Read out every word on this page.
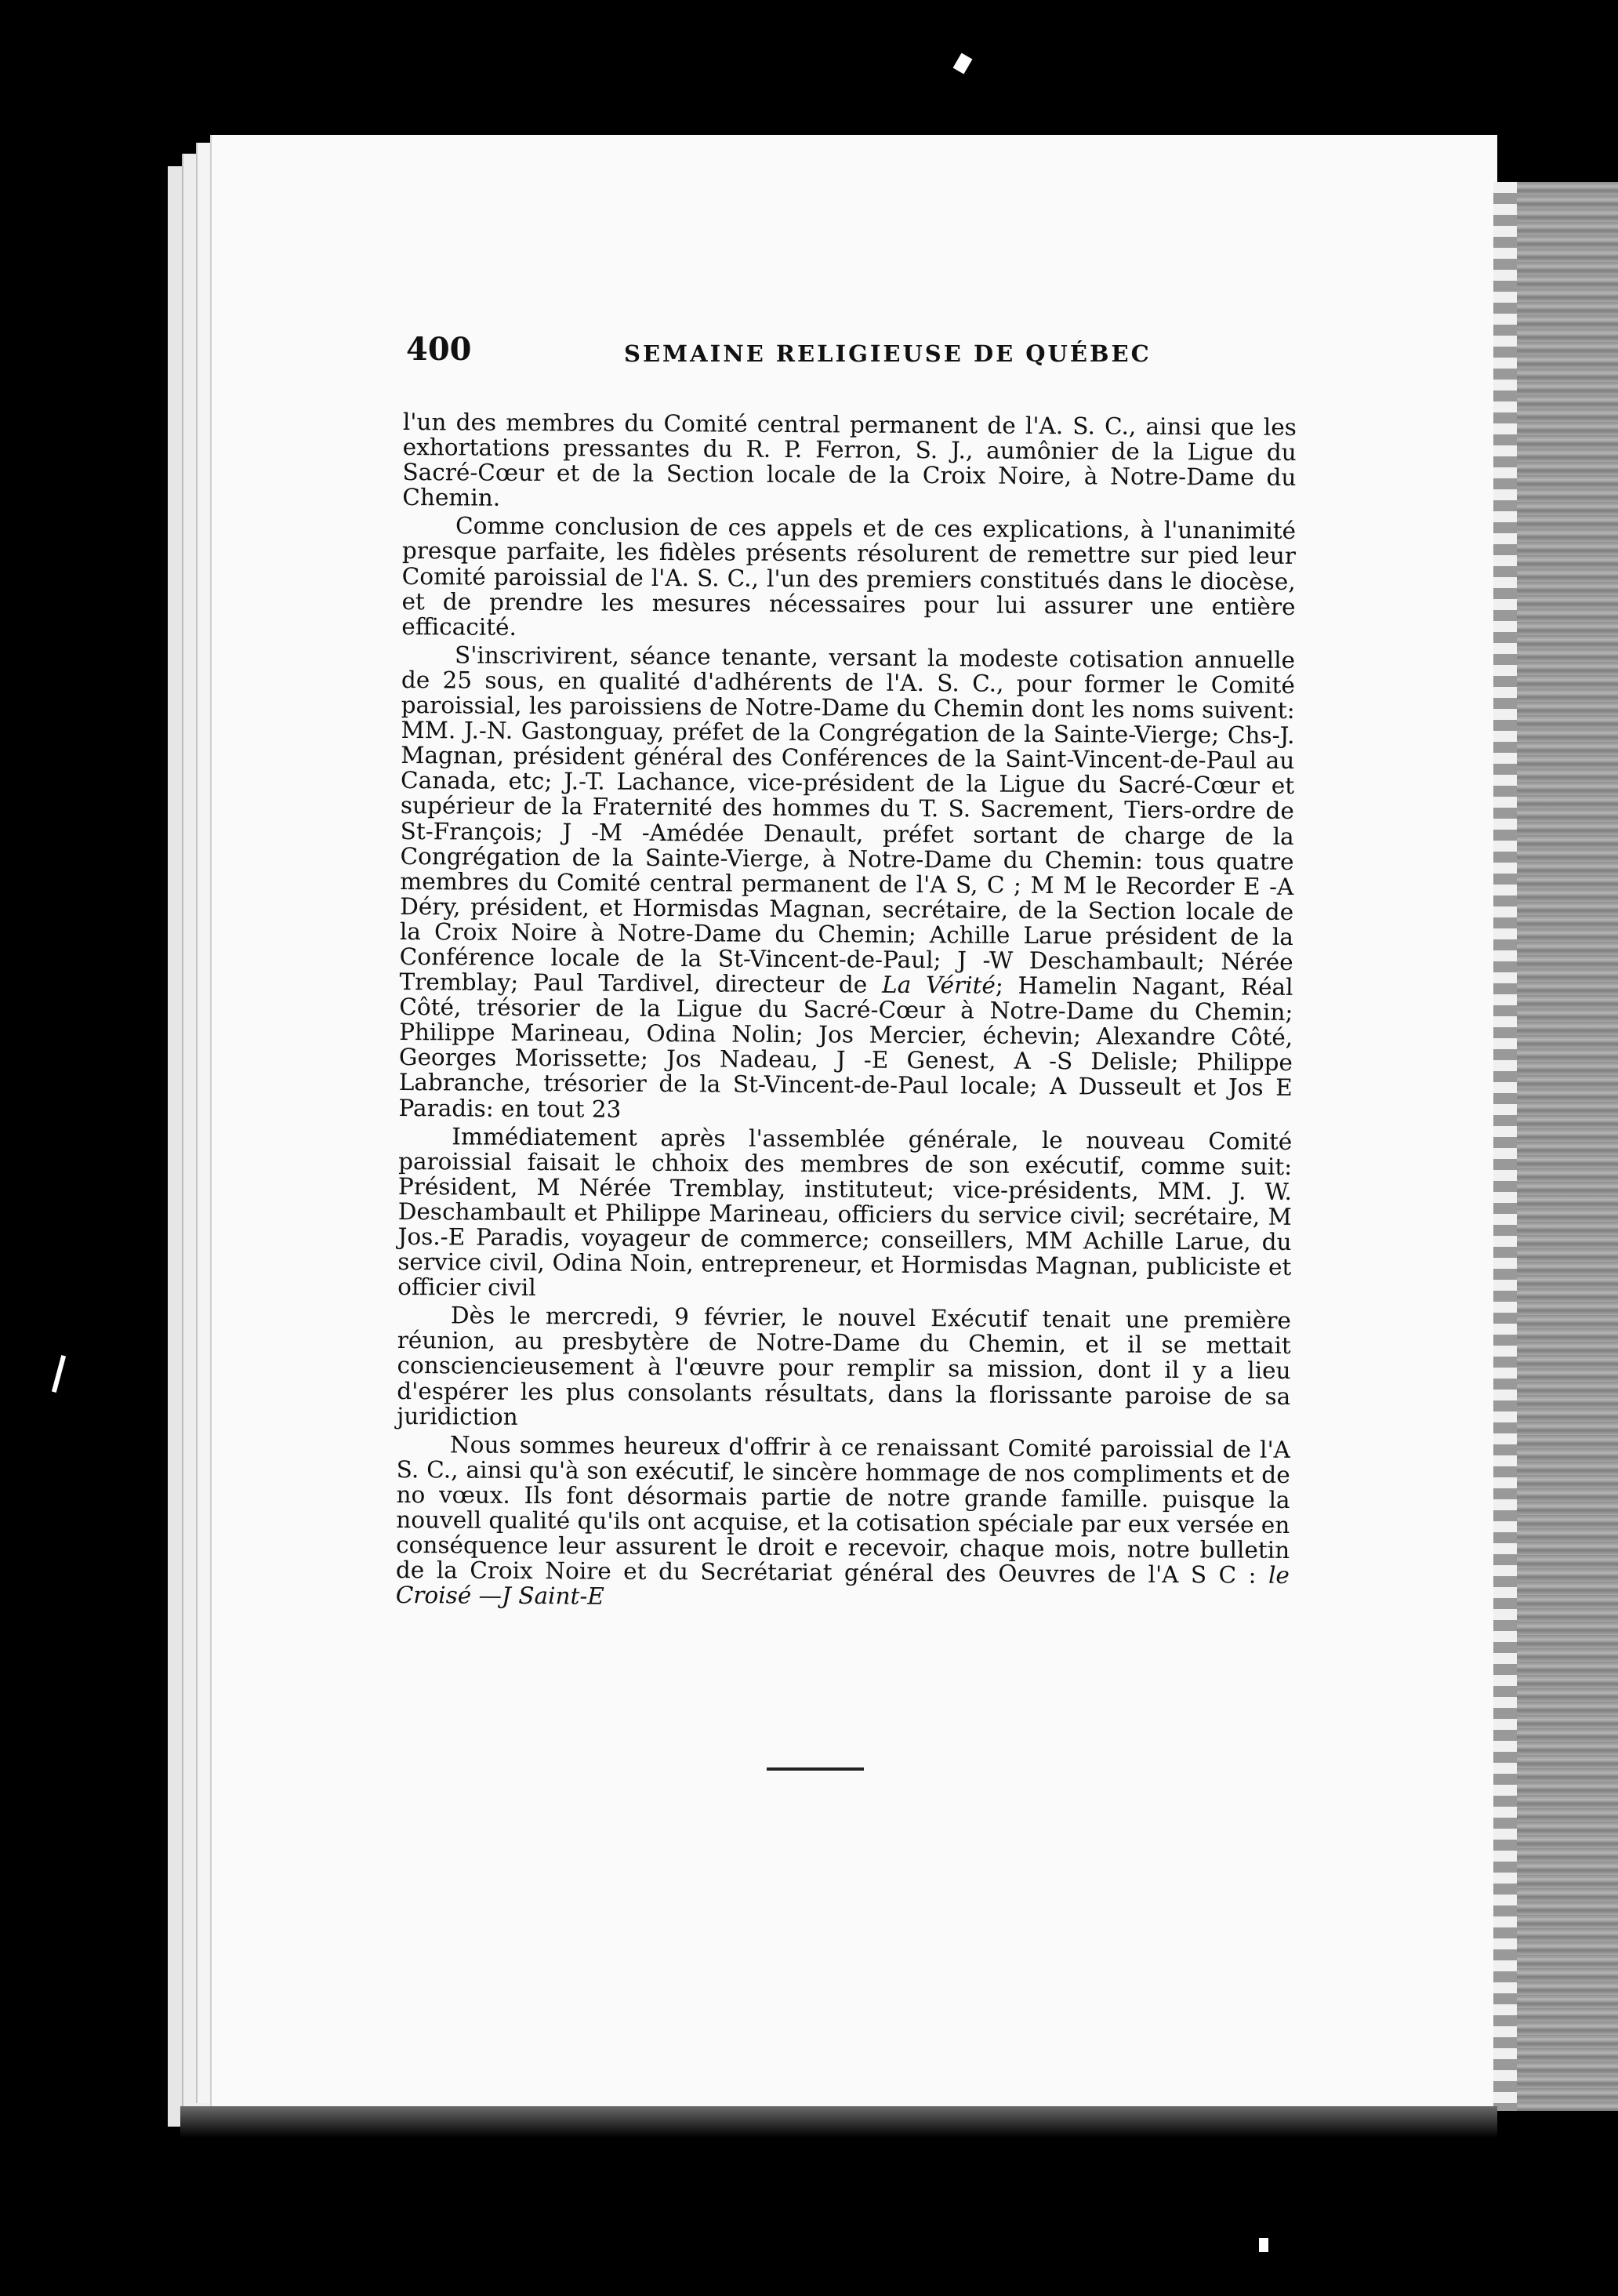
400	SEMAINE RELIGIEUSE DE QUÉBEC

l'un des membres du Comité central permanent de l'A. S. C., ainsi que les exhortations pressantes du R. P. Ferron, S. J., aumônier de la Ligue du Sacré-Cœur et de la Section locale de la Croix Noire, à Notre-Dame du Chemin.

Comme conclusion de ces appels et de ces explications, à l'unanimité presque parfaite, les fidèles présents résolurent de remettre sur pied leur Comité paroissial de l'A. S. C., l'un des premiers constitués dans le diocèse, et de prendre les mesures nécessaires pour lui assurer une entière efficacité.

S'inscrivirent, séance tenante, versant la modeste cotisation annuelle de 25 sous, en qualité d'adhérents de l'A. S. C., pour former le Comité paroissial, les paroissiens de Notre-Dame du Chemin dont les noms suivent: MM. J.-N. Gastonguay, préfet de la Congrégation de la Sainte-Vierge; Chs-J. Magnan, président général des Conférences de la Saint-Vincent-de-Paul au Canada, etc; J.-T. Lachance, vice-président de la Ligue du Sacré-Cœur et supérieur de la Fraternité des hommes du T. S. Sacrement, Tiers-ordre de St-François; J -M -Amédée Denault, préfet sortant de charge de la Congrégation de la Sainte-Vierge, à Notre-Dame du Chemin: tous quatre membres du Comité central permanent de l'A S, C ; M M le Recorder E -A Déry, président, et Hormisdas Magnan, secrétaire, de la Section locale de la Croix Noire à Notre-Dame du Chemin; Achille Larue président de la Conférence locale de la St-Vincent-de-Paul; J -W Deschambault; Nérée Tremblay; Paul Tardivel, directeur de La Vérité; Hamelin Nagant, Réal Côté, trésorier de la Ligue du Sacré-Cœur à Notre-Dame du Chemin; Philippe Marineau, Odina Nolin; Jos Mercier, échevin; Alexandre Côté, Georges Morissette; Jos Nadeau, J -E Genest, A -S Delisle; Philippe Labranche, trésorier de la St-Vincent-de-Paul locale; A Dusseult et Jos E Paradis: en tout 23

Immédiatement après l'assemblée générale, le nouveau Comité paroissial faisait le chhoix des membres de son exécutif, comme suit: Président, M Nérée Tremblay, instituteut; vice-présidents, MM. J. W. Deschambault et Philippe Marineau, officiers du service civil; secrétaire, M Jos.-E Paradis, voyageur de commerce; conseillers, MM Achille Larue, du service civil, Odina Noin, entrepreneur, et Hormisdas Magnan, publiciste et officier civil

Dès le mercredi, 9 février, le nouvel Exécutif tenait une première réunion, au presbytère de Notre-Dame du Chemin, et il se mettait consciencieusement à l'œuvre pour remplir sa mission, dont il y a lieu d'espérer les plus consolants résultats, dans la florissante paroise de sa juridiction

Nous sommes heureux d'offrir à ce renaissant Comité paroissial de l'A S. C., ainsi qu'à son exécutif, le sincère hommage de nos compliments et de no vœux. Ils font désormais partie de notre grande famille. puisque la nouvell qualité qu'ils ont acquise, et la cotisation spéciale par eux versée en conséquence leur assurent le droit e recevoir, chaque mois, notre bulletin de la Croix Noire et du Secrétariat général des Oeuvres de l'A S C : le Croisé —J Saint-E
